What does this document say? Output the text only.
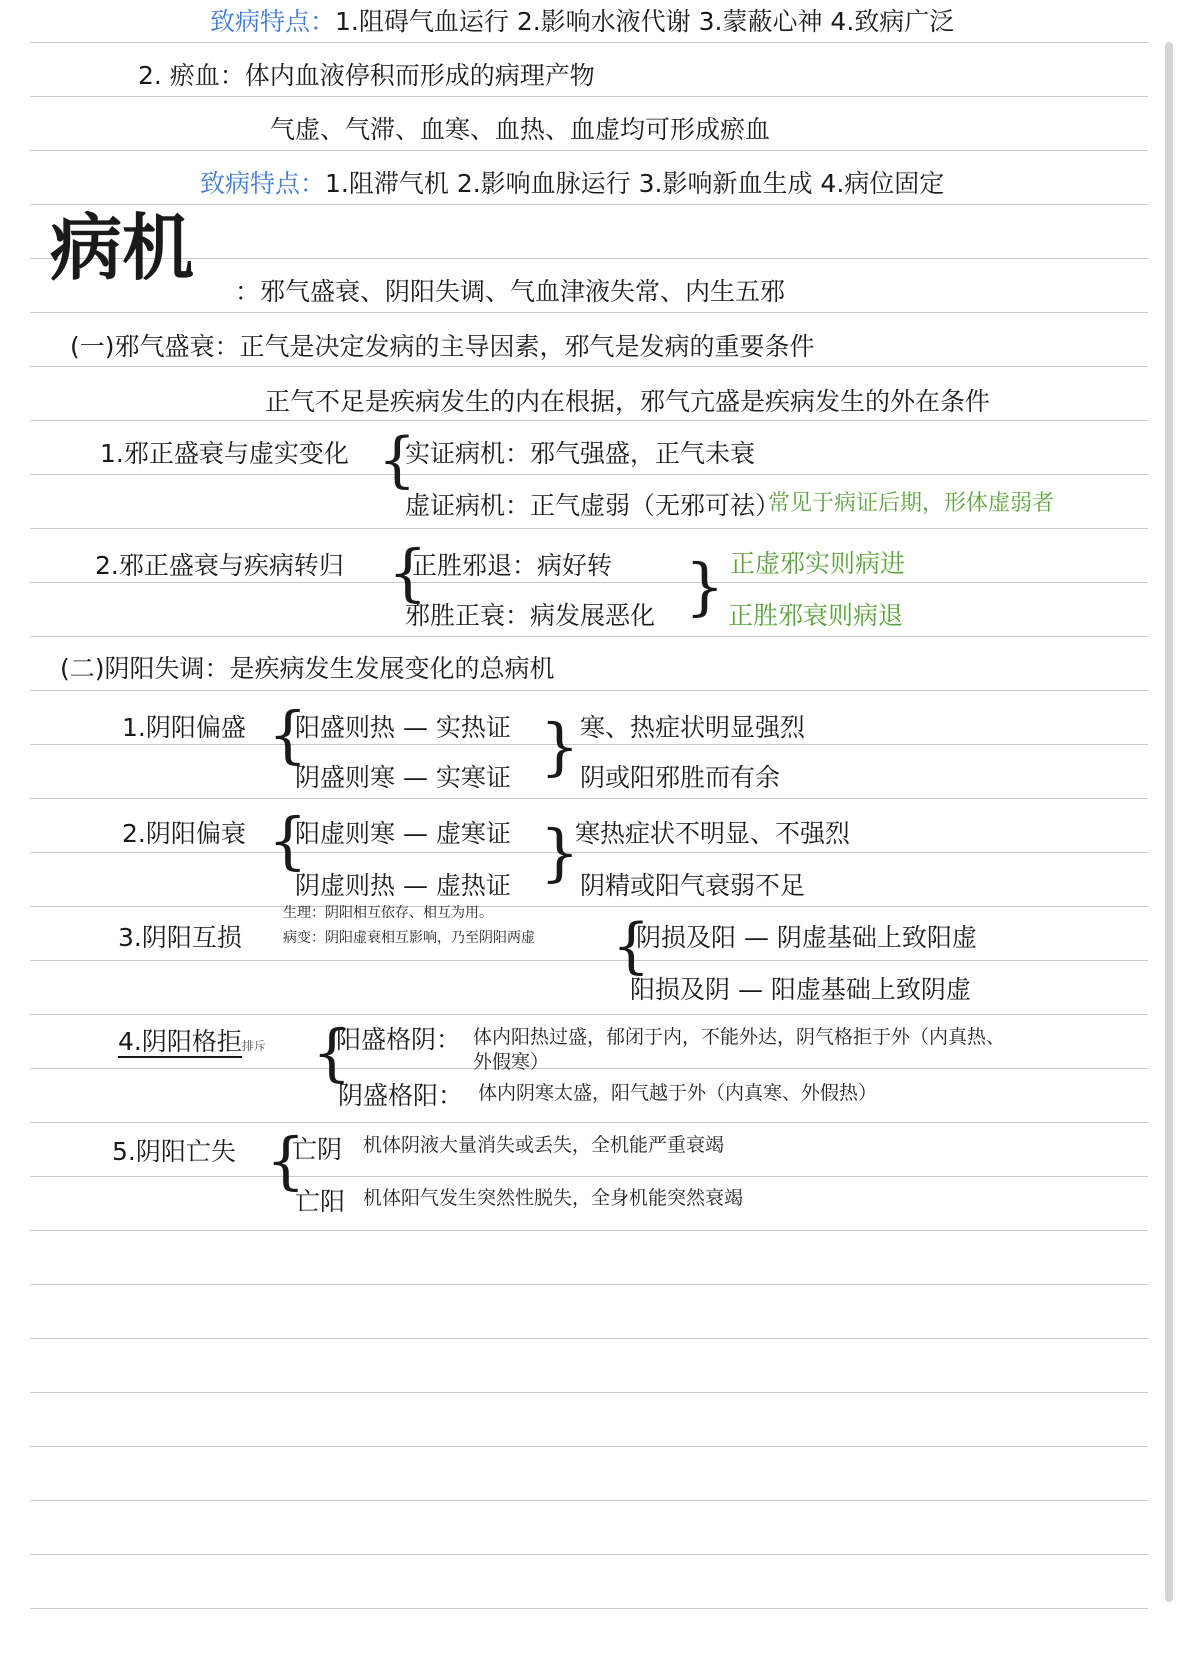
致病特点：1.阻碍气血运行 2.影响水液代谢 3.蒙蔽心神 4.致病广泛
2. 瘀血：体内血液停积而形成的病理产物
气虚、气滞、血寒、血热、血虚均可形成瘀血
致病特点：1.阻滞气机 2.影响血脉运行 3.影响新血生成 4.病位固定
病机
：邪气盛衰、阴阳失调、气血津液失常、内生五邪
(一)邪气盛衰：正气是决定发病的主导因素，邪气是发病的重要条件
正气不足是疾病发生的内在根据，邪气亢盛是疾病发生的外在条件
1.邪正盛衰与虚实变化 {
实证病机：邪气强盛，正气未衰
虚证病机：正气虚弱（无邪可祛）
常见于病证后期，形体虚弱者
2.邪正盛衰与疾病转归 {
正胜邪退：病好转
邪胜正衰：病发展恶化 } 正虚邪实则病进
正胜邪衰则病退
(二)阴阳失调：是疾病发生发展变化的总病机
1.阴阳偏盛 {
阳盛则热 — 实热证
阴盛则寒 — 实寒证 } 寒、热症状明显强烈
阴或阳邪胜而有余
2.阴阳偏衰 {
阳虚则寒 — 虚寒证
阴虚则热 — 虚热证 }
寒热症状不明显、不强烈
阴精或阳气衰弱不足
3.阴阳互损
生理：阴阳相互依存、相互为用。
病变：阴阳虚衰相互影响，乃至阴阳两虚 {
阴损及阳 — 阴虚基础上致阳虚
阳损及阴 — 阳虚基础上致阴虚
4.阴阳格拒排斥 {
阳盛格阴： 体内阳热过盛，郁闭于内，不能外达，阴气格拒于外（内真热、
外假寒）
阴盛格阳： 体内阴寒太盛，阳气越于外（内真寒、外假热）
5.阴阳亡失 {
亡阴 机体阴液大量消失或丢失，全机能严重衰竭
亡阳 机体阳气发生突然性脱失，全身机能突然衰竭
